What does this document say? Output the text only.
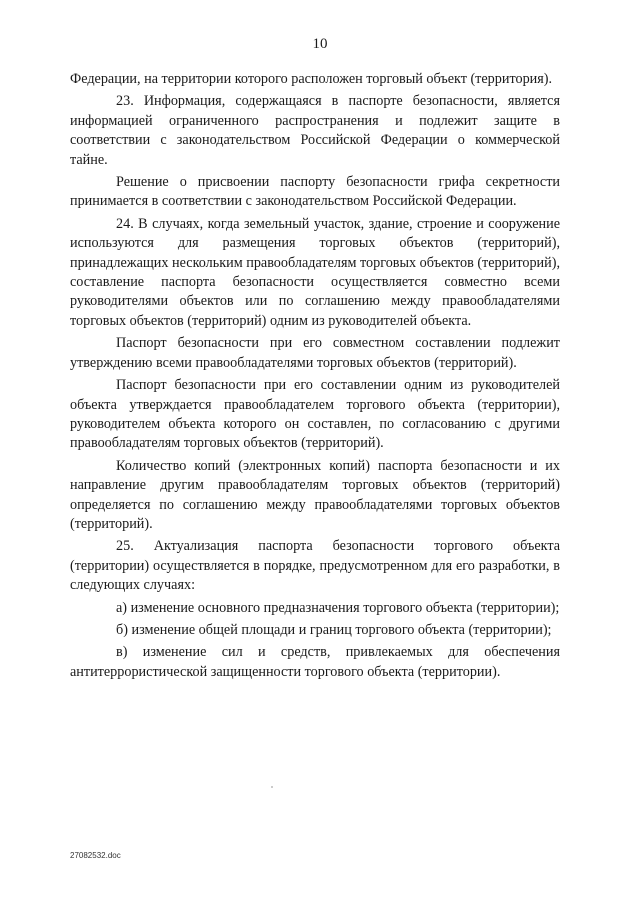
10

Федерации, на территории которого расположен торговый объект (территория).

23. Информация, содержащаяся в паспорте безопасности, является информацией ограниченного распространения и подлежит защите в соответствии с законодательством Российской Федерации о коммерческой тайне.

Решение о присвоении паспорту безопасности грифа секретности принимается в соответствии с законодательством Российской Федерации.

24. В случаях, когда земельный участок, здание, строение и сооружение используются для размещения торговых объектов (территорий), принадлежащих нескольким правообладателям торговых объектов (территорий), составление паспорта безопасности осуществляется совместно всеми руководителями объектов или по соглашению между правообладателями торговых объектов (территорий) одним из руководителей объекта.

Паспорт безопасности при его совместном составлении подлежит утверждению всеми правообладателями торговых объектов (территорий).

Паспорт безопасности при его составлении одним из руководителей объекта утверждается правообладателем торгового объекта (территории), руководителем объекта которого он составлен, по согласованию с другими правообладателям торговых объектов (территорий).

Количество копий (электронных копий) паспорта безопасности и их направление другим правообладателям торговых объектов (территорий) определяется по соглашению между правообладателями торговых объектов (территорий).

25. Актуализация паспорта безопасности торгового объекта (территории) осуществляется в порядке, предусмотренном для его разработки, в следующих случаях:

а) изменение основного предназначения торгового объекта (территории);

б) изменение общей площади и границ торгового объекта (территории);

в) изменение сил и средств, привлекаемых для обеспечения антитеррористической защищенности торгового объекта (территории).

27082532.doc
